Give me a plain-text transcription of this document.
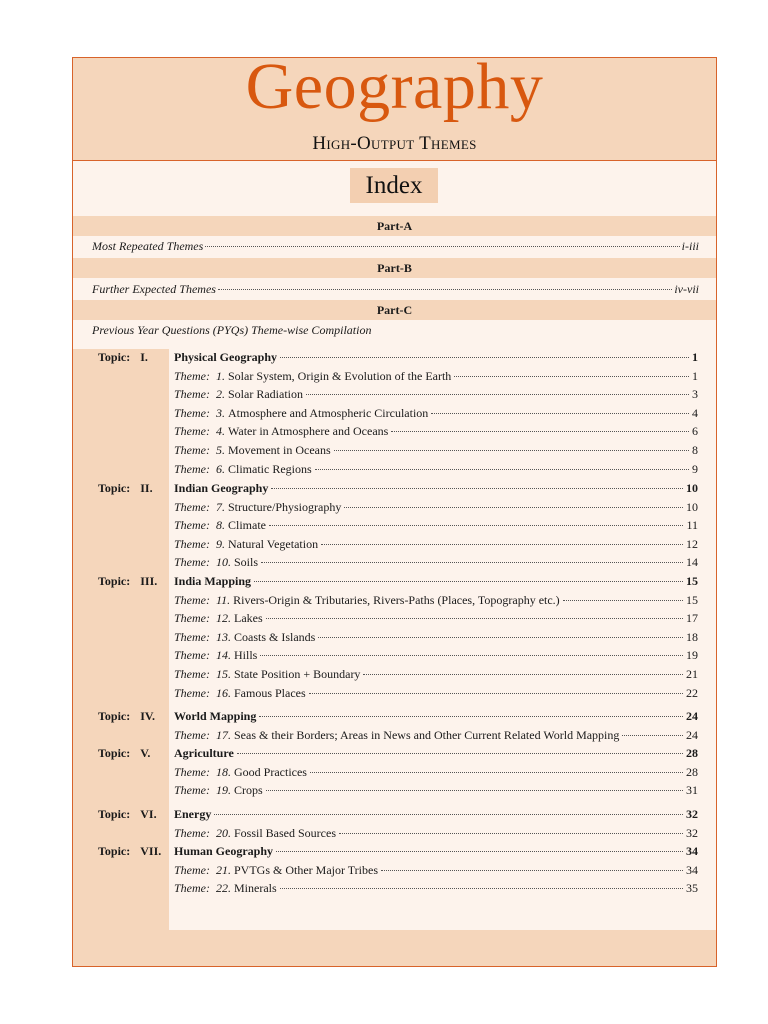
Geography
High-Output Themes
Index
Part-A
Most Repeated Themes	i-iii
Part-B
Further Expected Themes	iv-vii
Part-C
Previous Year Questions (PYQs) Theme-wise Compilation
Topic: I. Physical Geography	1
Theme: 1. Solar System, Origin & Evolution of the Earth	1
Theme: 2. Solar Radiation	3
Theme: 3. Atmosphere and Atmospheric Circulation	4
Theme: 4. Water in Atmosphere and Oceans	6
Theme: 5. Movement in Oceans	8
Theme: 6. Climatic Regions	9
Topic: II. Indian Geography	10
Theme: 7. Structure/Physiography	10
Theme: 8. Climate	11
Theme: 9. Natural Vegetation	12
Theme: 10. Soils	14
Topic: III. India Mapping	15
Theme: 11. Rivers-Origin & Tributaries, Rivers-Paths (Places, Topography etc.)	15
Theme: 12. Lakes	17
Theme: 13. Coasts & Islands	18
Theme: 14. Hills	19
Theme: 15. State Position + Boundary	21
Theme: 16. Famous Places	22
Topic: IV. World Mapping	24
Theme: 17. Seas & their Borders; Areas in News and Other Current Related World Mapping	24
Topic: V. Agriculture	28
Theme: 18. Good Practices	28
Theme: 19. Crops	31
Topic: VI. Energy	32
Theme: 20. Fossil Based Sources	32
Topic: VII. Human Geography	34
Theme: 21. PVTGs & Other Major Tribes	34
Theme: 22. Minerals	35
